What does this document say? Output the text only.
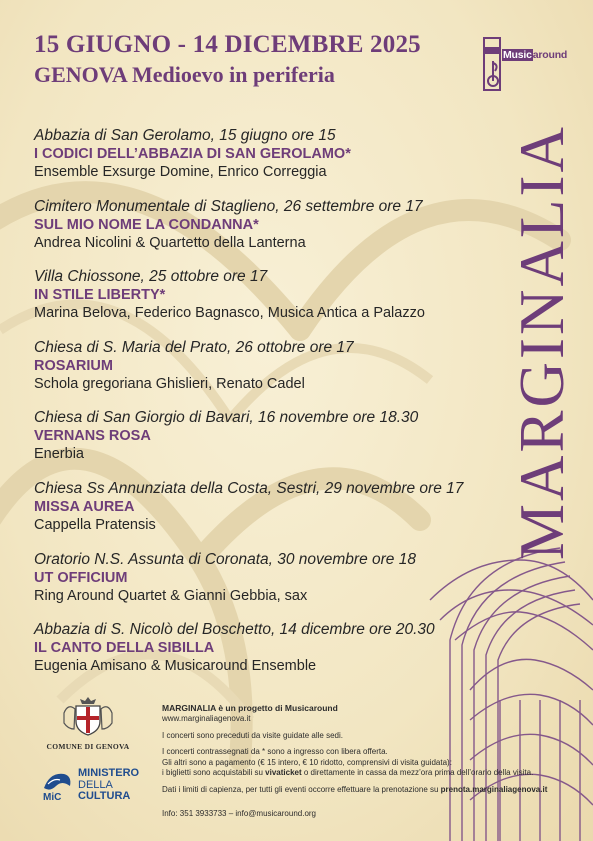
15 GIUGNO - 14 DICEMBRE 2025
GENOVA Medioevo in periferia
Musicaround
Abbazia di San Gerolamo, 15 giugno ore 15
I CODICI DELL’ABBAZIA DI SAN GEROLAMO*
Ensemble Exsurge Domine, Enrico Correggia
Cimitero Monumentale di Staglieno, 26 settembre ore 17
SUL MIO NOME LA CONDANNA*
Andrea Nicolini & Quartetto della Lanterna
Villa Chiossone, 25 ottobre ore 17
IN STILE LIBERTY*
Marina Belova, Federico Bagnasco, Musica Antica a Palazzo
Chiesa di S. Maria del Prato, 26 ottobre ore 17
ROSARIUM
Schola gregoriana Ghislieri, Renato Cadel
Chiesa di San Giorgio di Bavari, 16 novembre ore 18.30
VERNANS ROSA
Enerbia
Chiesa Ss Annunziata della Costa, Sestri, 29 novembre ore 17
MISSA AUREA
Cappella Pratensis
Oratorio N.S. Assunta di Coronata, 30 novembre ore 18
UT OFFICIUM
Ring Around Quartet & Gianni Gebbia, sax
Abbazia di S. Nicolò del Boschetto, 14 dicembre ore 20.30
IL CANTO DELLA SIBILLA
Eugenia Amisano & Musicaround Ensemble
MARGINALIA
COMUNE DI GENOVA
MiC
MINISTERO
DELLA
CULTURA
MARGINALIA è un progetto di Musicaround
www.marginaliagenova.it
I concerti sono preceduti da visite guidate alle sedi.
I concerti contrassegnati da * sono a ingresso con libera offerta.
Gli altri sono a pagamento (€ 15 intero, € 10 ridotto, comprensivi di visita guidata):
i biglietti sono acquistabili su vivaticket o direttamente in cassa da mezz’ora prima dell’orario della visita.
Dati i limiti di capienza, per tutti gli eventi occorre effettuare la prenotazione su prenota.marginaliagenova.it
Info: 351 3933733 – info@musicaround.org
